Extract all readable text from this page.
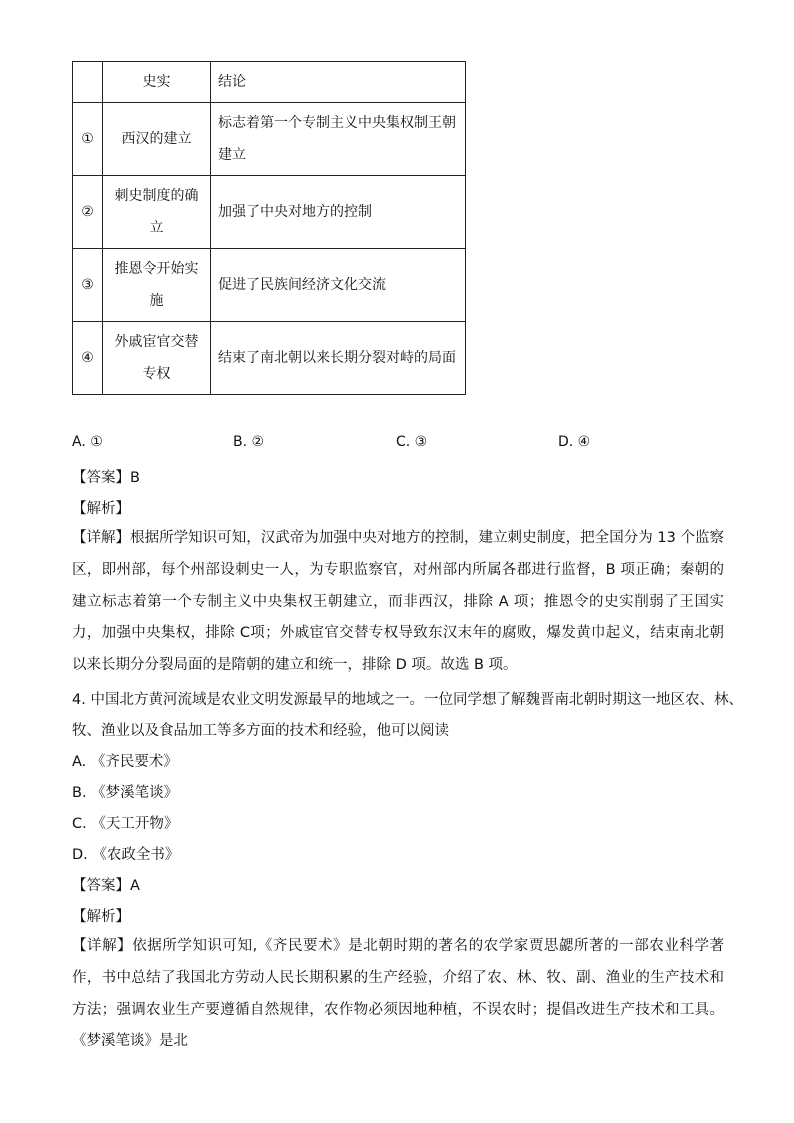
	史实	结论
①	西汉的建立	标志着第一个专制主义中央集权制王朝建立
②	刺史制度的确立	加强了中央对地方的控制
③	推恩令开始实施	促进了民族间经济文化交流
④	外戚宦官交替专权	结束了南北朝以来长期分裂对峙的局面
A. ①	B. ②	C. ③	D. ④
【答案】B
【解析】
【详解】根据所学知识可知，汉武帝为加强中央对地方的控制，建立刺史制度，把全国分为 13 个监察区，即州部，每个州部设刺史一人，为专职监察官，对州部内所属各郡进行监督，B 项正确；秦朝的建立标志着第一个专制主义中央集权王朝建立，而非西汉，排除 A 项；推恩令的史实削弱了王国实力，加强中央集权，排除 C项；外戚宦官交替专权导致东汉末年的腐败，爆发黄巾起义，结束南北朝以来长期分分裂局面的是隋朝的建立和统一，排除 D 项。故选 B 项。
4. 中国北方黄河流域是农业文明发源最早的地域之一。一位同学想了解魏晋南北朝时期这一地区农、林、
牧、渔业以及食品加工等多方面的技术和经验，他可以阅读
A. 《齐民要术》
B. 《梦溪笔谈》
C. 《天工开物》
D. 《农政全书》
【答案】A
【解析】
【详解】依据所学知识可知,《齐民要术》是北朝时期的著名的农学家贾思勰所著的一部农业科学著作，书中总结了我国北方劳动人民长期积累的生产经验，介绍了农、林、牧、副、渔业的生产技术和方法；强调农业生产要遵循自然规律，农作物必须因地种植，不误农时；提倡改进生产技术和工具。《梦溪笔谈》是北
